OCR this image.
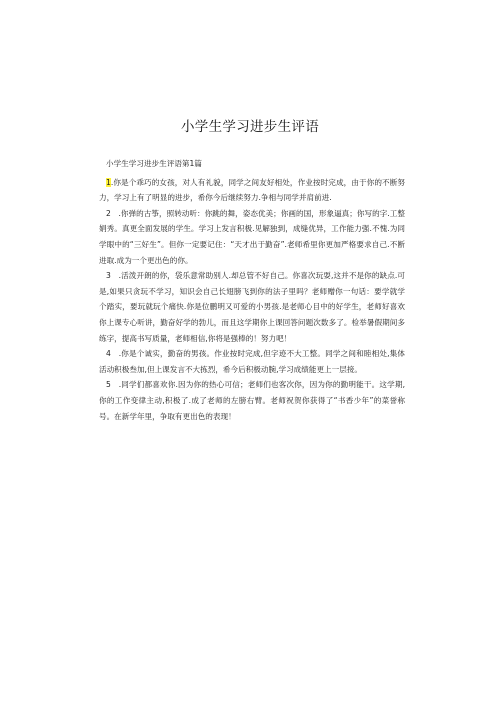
小学生学习进步生评语

小学生学习进步生评语第1篇

1.你是个乖巧的女孩，对人有礼貌，同学之间友好相处，作业按时完成，由于你的不断努力，学习上有了明显的进步，希你今后继续努力.争相与同学并肩前进.

2　.你弹的古筝，照转动听：你跳的舞，姿态优美；你画的国，形象逼真；你写的字.工整娟秀。真更全面发展的学生。学习上发言积极.见解独到，成缝优异，工作能力强.不愧.为同学眼中的“三好生”。但你一定要记住：“天才出于勤奋”.老师希里你更加严格要求自己.不断进取.成为一个更出色的你。

3　.活泼开朗的你，袋乐意常助别人.却总管不好自己。你喜次玩耍,这并不是你的缺点.可是,如果只贪玩不学习，知识会自己长翅膀飞到你的法子里吗？老师赠你一句话：要学就学个踏实，要玩就玩个痛快.你是位鹏明又可爱的小男孩.是老师心目中的好学生，老师好喜欢你上课专心听讲，勤奋好学的勃儿，而且这学期你上课回答问题次数多了。检举暑假期间多练字，提高书写质量，老师相信,你将是强棒的！努力吧！

4　.你是个诚实，勤奋的男孩。作业按时完成,但字迹不大工整。同学之间和睦相处,集体活动积极叁加,但上课发言不大拣烈，希今后积极动腕,学习成绩能更上一层接。

5　.同学们都喜欢你.因为你的热心可信；老师们也客次你，因为你的勤明能干。这学期,你的工作变律主动,积极了.成了老师的左膀右臂。老师祝贺你获得了“书香少年”的菜誉称号。在新学年里，争取有更出色的表现！
